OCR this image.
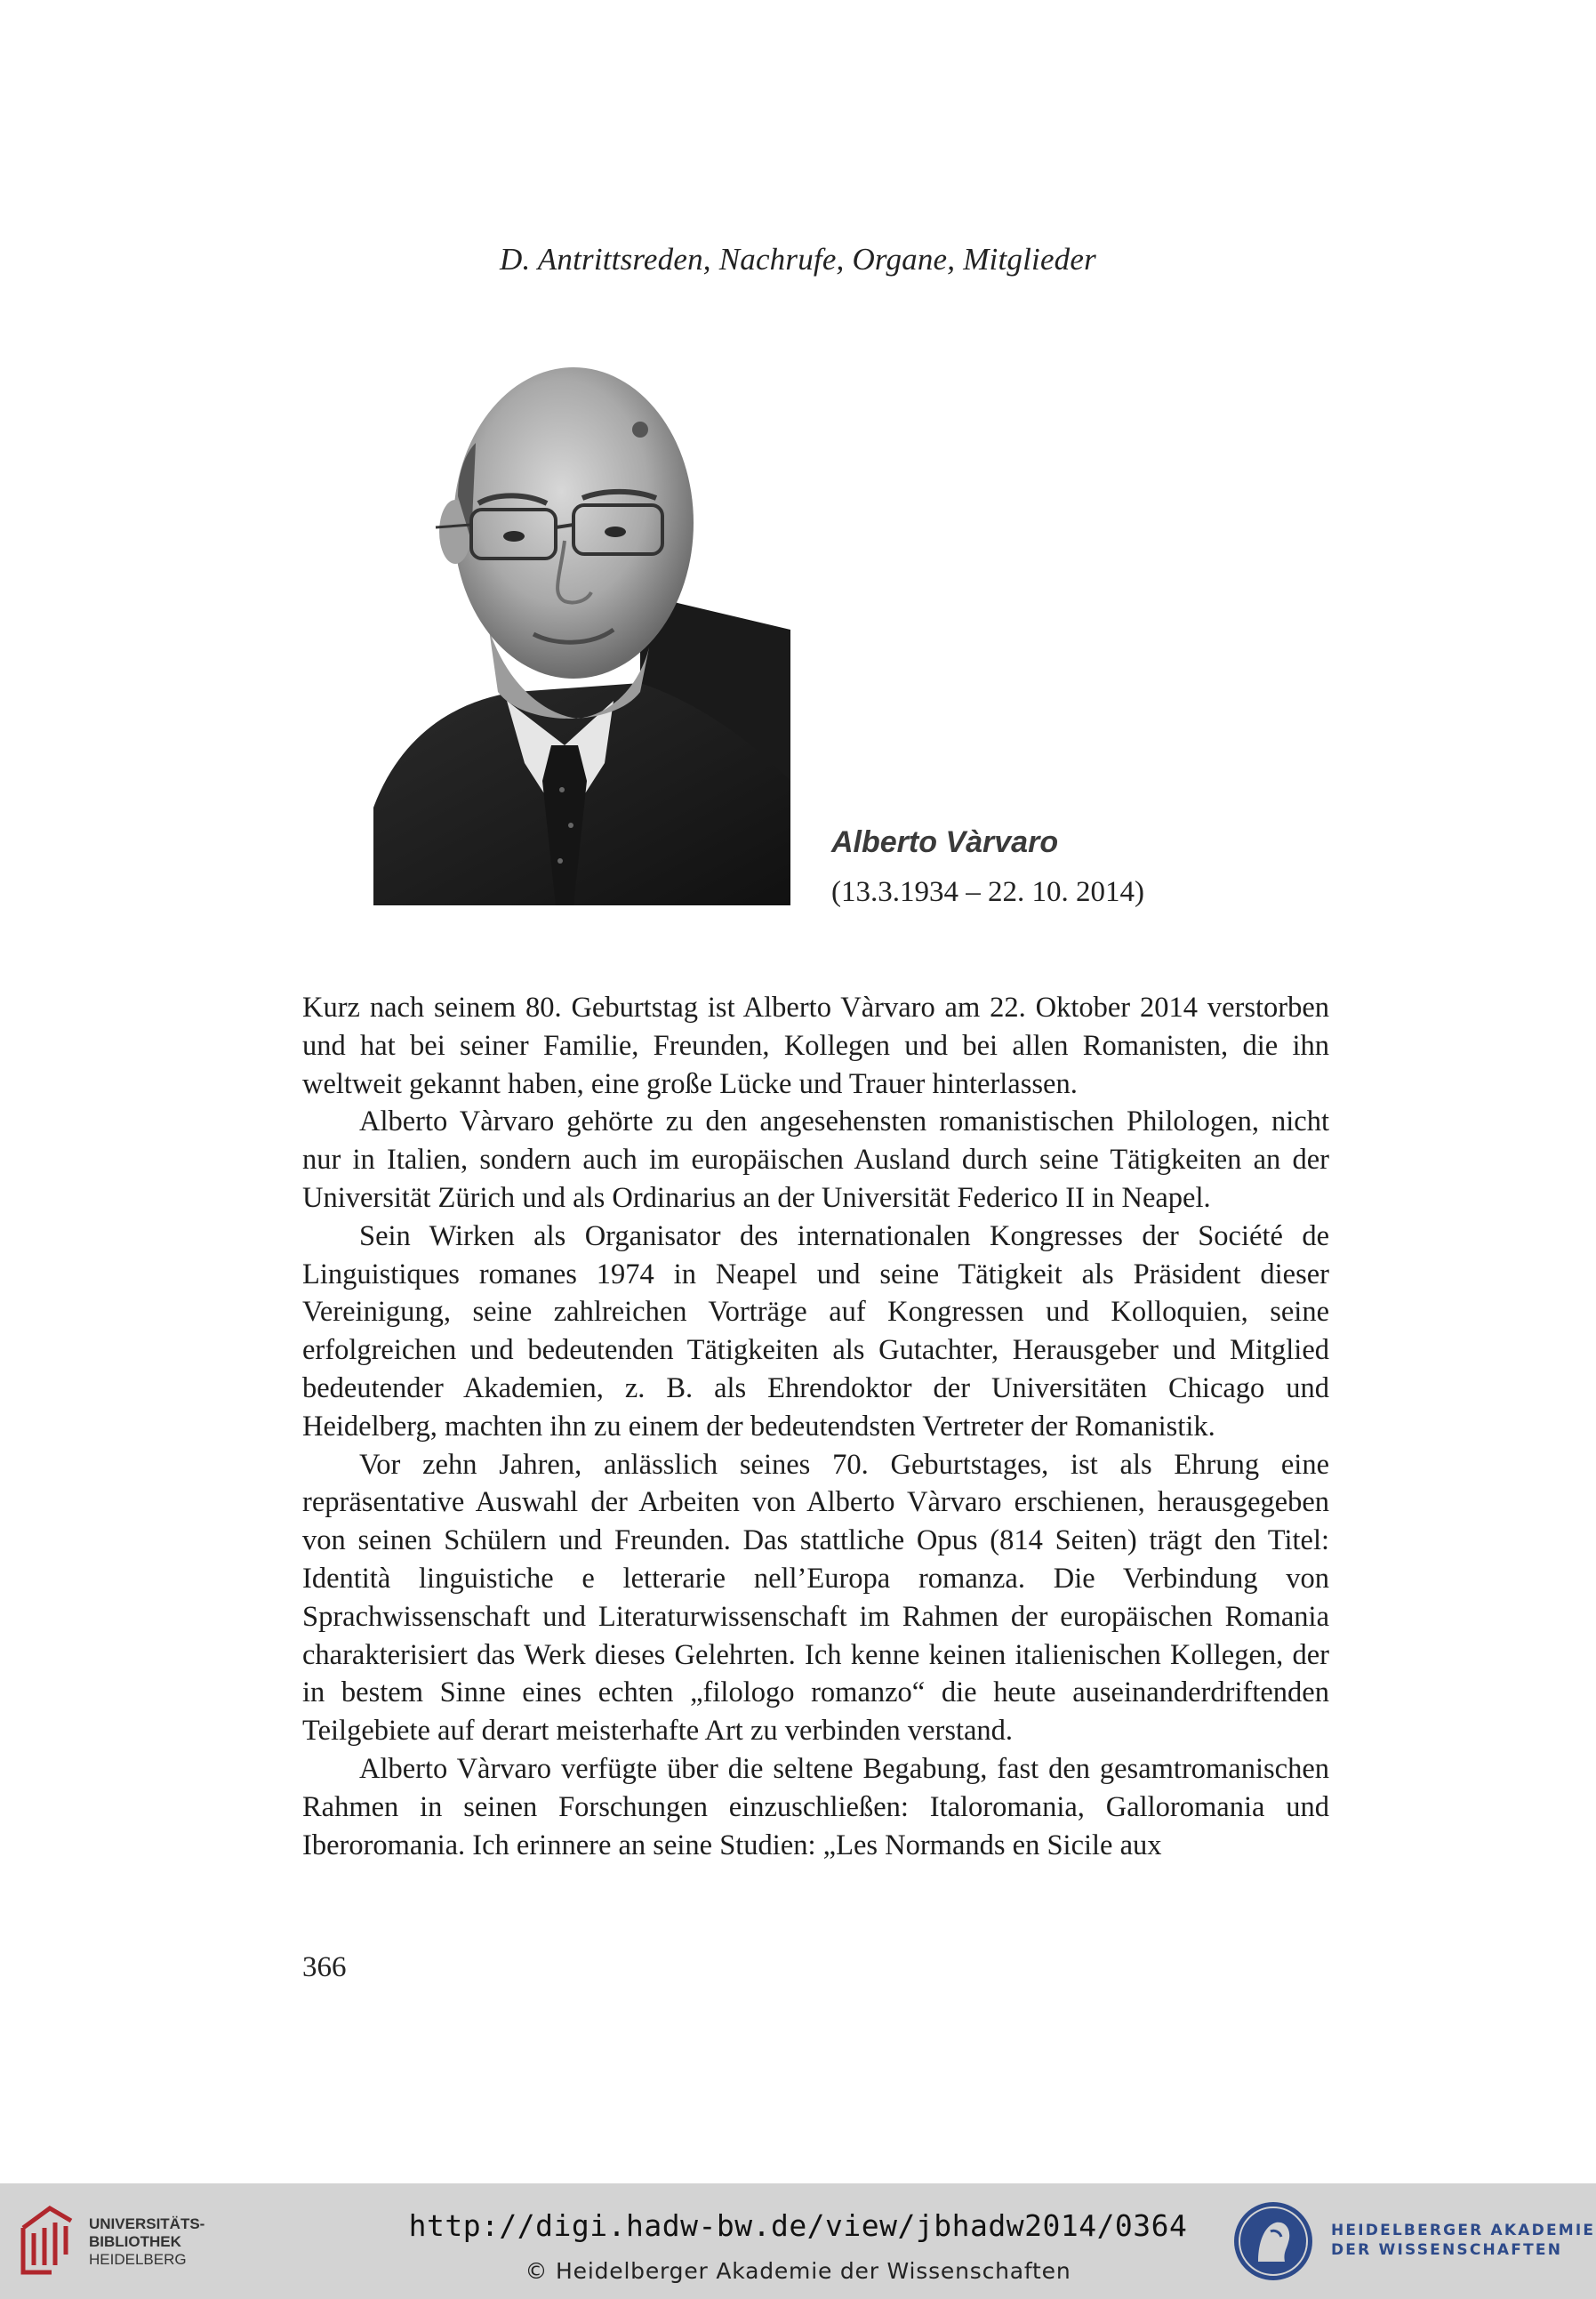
D. Antrittsreden, Nachrufe, Organe, Mitglieder
Alberto Vàrvaro
(13.3.1934 – 22. 10. 2014)

Kurz nach seinem 80. Geburtstag ist Alberto Vàrvaro am 22. Oktober 2014 verstorben und hat bei seiner Familie, Freunden, Kollegen und bei allen Romanisten, die ihn weltweit gekannt haben, eine große Lücke und Trauer hinterlassen.

Alberto Vàrvaro gehörte zu den angesehensten romanistischen Philologen, nicht nur in Italien, sondern auch im europäischen Ausland durch seine Tätigkeiten an der Universität Zürich und als Ordinarius an der Universität Federico II in Neapel.

Sein Wirken als Organisator des internationalen Kongresses der Société de Linguistiques romanes 1974 in Neapel und seine Tätigkeit als Präsident dieser Vereinigung, seine zahlreichen Vorträge auf Kongressen und Kolloquien, seine erfolgreichen und bedeutenden Tätigkeiten als Gutachter, Herausgeber und Mitglied bedeutender Akademien, z. B. als Ehrendoktor der Universitäten Chicago und Heidelberg, machten ihn zu einem der bedeutendsten Vertreter der Romanistik.

Vor zehn Jahren, anlässlich seines 70. Geburtstages, ist als Ehrung eine repräsentative Auswahl der Arbeiten von Alberto Vàrvaro erschienen, herausgegeben von seinen Schülern und Freunden. Das stattliche Opus (814 Seiten) trägt den Titel: Identità linguistiche e letterarie nell’Europa romanza. Die Verbindung von Sprachwissenschaft und Literaturwissenschaft im Rahmen der europäischen Romania charakterisiert das Werk dieses Gelehrten. Ich kenne keinen italienischen Kollegen, der in bestem Sinne eines echten „filologo romanzo“ die heute auseinanderdriftenden Teilgebiete auf derart meisterhafte Art zu verbinden verstand.

Alberto Vàrvaro verfügte über die seltene Begabung, fast den gesamtromanischen Rahmen in seinen Forschungen einzuschließen: Italoromania, Galloromania und Iberoromania. Ich erinnere an seine Studien: „Les Normands en Sicile aux

366
UNIVERSITÄTS-
BIBLIOTHEK
HEIDELBERG
http://digi.hadw-bw.de/view/jbhadw2014/0364
© Heidelberger Akademie der Wissenschaften
HEIDELBERGER AKADEMIE
DER WISSENSCHAFTEN
